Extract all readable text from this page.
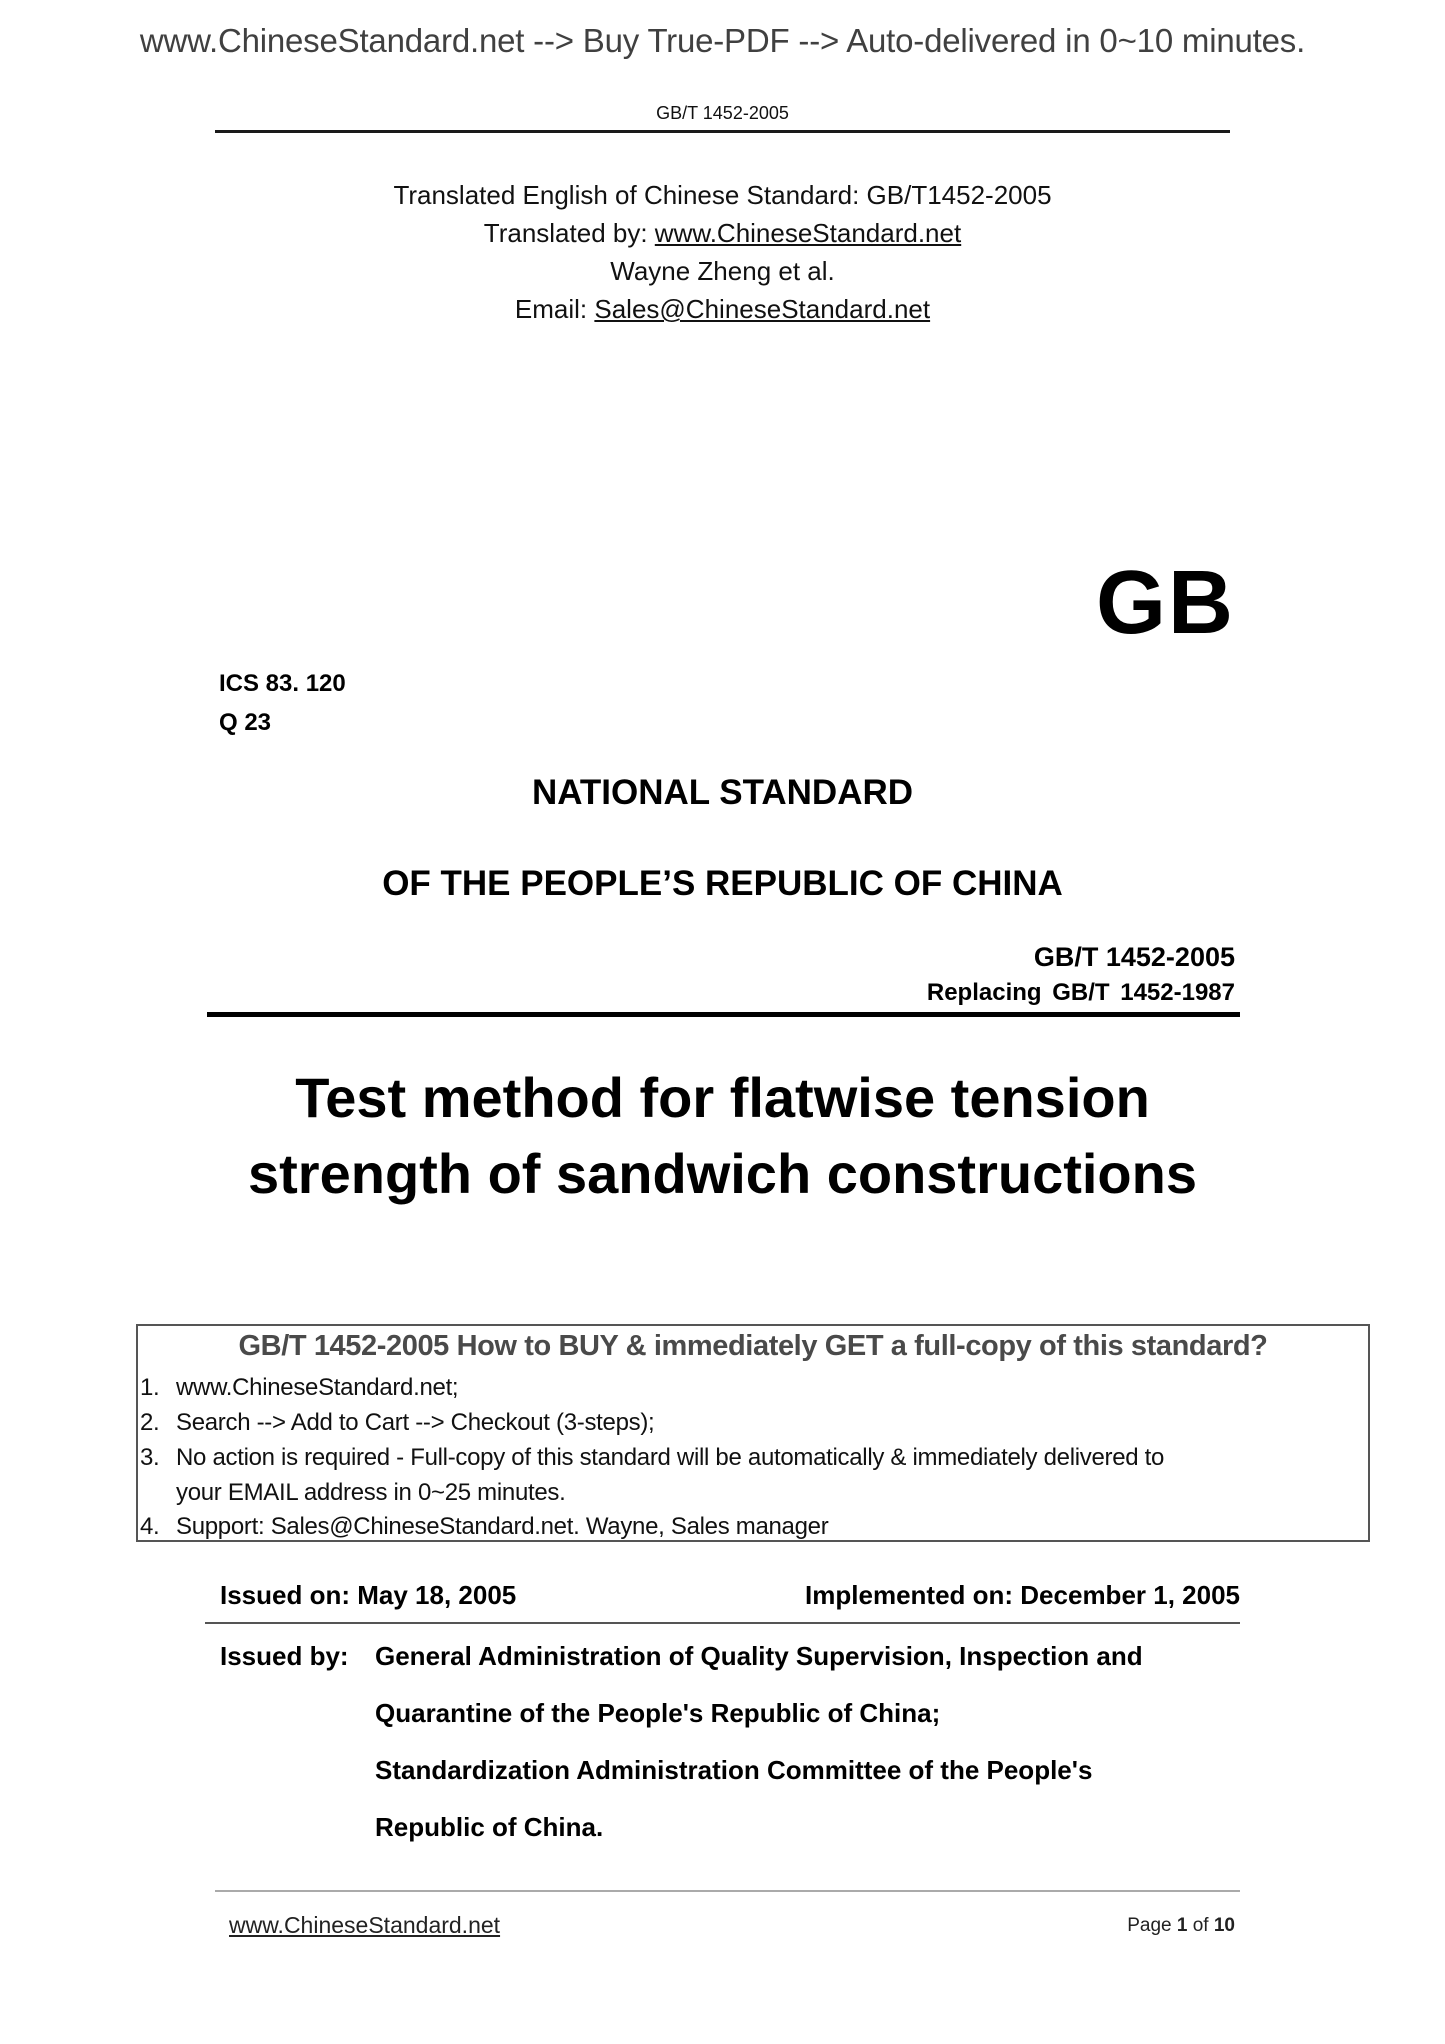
www.ChineseStandard.net --> Buy True-PDF --> Auto-delivered in 0~10 minutes.
GB/T 1452-2005
Translated English of Chinese Standard: GB/T1452-2005
Translated by: www.ChineseStandard.net
Wayne Zheng et al.
Email: Sales@ChineseStandard.net
GB
ICS 83. 120
Q 23
NATIONAL STANDARD
OF THE PEOPLE’S REPUBLIC OF CHINA
GB/T 1452-2005
Replacing GB/T 1452-1987
Test method for flatwise tension
strength of sandwich constructions
GB/T 1452-2005 How to BUY & immediately GET a full-copy of this standard?
1. www.ChineseStandard.net;
2. Search --> Add to Cart --> Checkout (3-steps);
3. No action is required - Full-copy of this standard will be automatically & immediately delivered to
your EMAIL address in 0~25 minutes.
4. Support: Sales@ChineseStandard.net. Wayne, Sales manager
Issued on: May 18, 2005	Implemented on: December 1, 2005
Issued by: General Administration of Quality Supervision, Inspection and
Quarantine of the People's Republic of China;
Standardization Administration Committee of the People's
Republic of China.
www.ChineseStandard.net	Page 1 of 10
